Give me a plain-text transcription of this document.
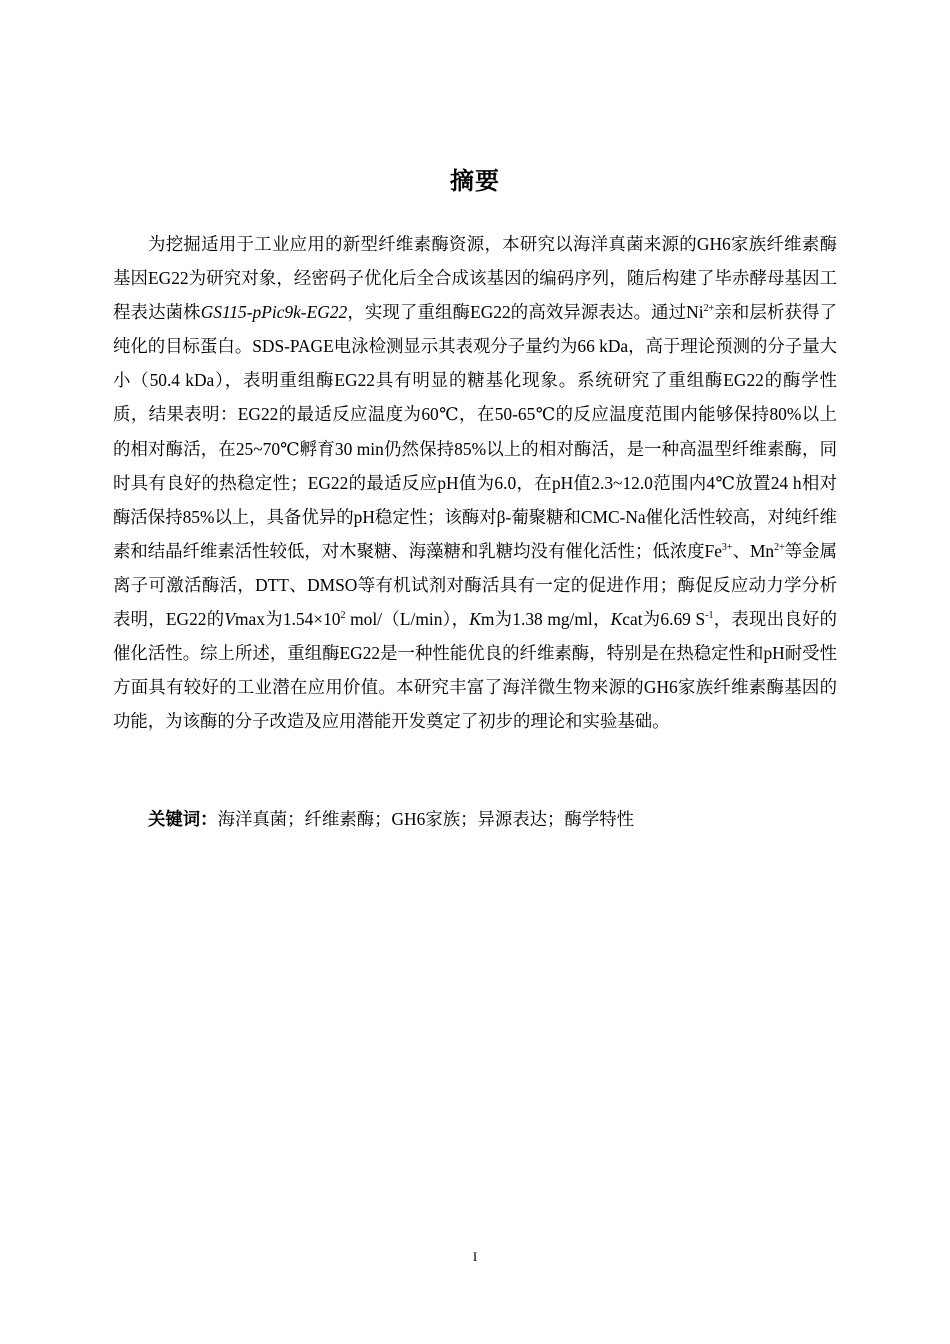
摘要

为挖掘适用于工业应用的新型纤维素酶资源，本研究以海洋真菌来源的GH6家族纤维素酶基因EG22为研究对象，经密码子优化后全合成该基因的编码序列，随后构建了毕赤酵母基因工程表达菌株GS115-pPic9k-EG22，实现了重组酶EG22的高效异源表达。通过$Ni^{2+}$亲和层析获得了纯化的目标蛋白。SDS-PAGE电泳检测显示其表观分子量约为66 kDa，高于理论预测的分子量大小（50.4 kDa），表明重组酶EG22具有明显的糖基化现象。系统研究了重组酶EG22的酶学性质，结果表明：EG22的最适反应温度为60℃，在50-65℃的反应温度范围内能够保持80%以上的相对酶活，在25~70℃孵育30 min仍然保持85%以上的相对酶活，是一种高温型纤维素酶，同时具有良好的热稳定性；EG22的最适反应pH值为6.0，在pH值2.3~12.0范围内4℃放置24 h相对酶活保持85%以上，具备优异的pH稳定性；该酶对β-葡聚糖和CMC-Na催化活性较高，对纯纤维素和结晶纤维素活性较低，对木聚糖、海藻糖和乳糖均没有催化活性；低浓度$Fe^{3+}$、$Mn^{2+}$等金属离子可激活酶活，DTT、DMSO等有机试剂对酶活具有一定的促进作用；酶促反应动力学分析表明，EG22的Vmax为$1.54\times 10^2$ mol/（L/min），Km为1.38 mg/ml，Kcat为6.69 $S^{-1}$，表现出良好的催化活性。综上所述，重组酶EG22是一种性能优良的纤维素酶，特别是在热稳定性和pH耐受性方面具有较好的工业潜在应用价值。本研究丰富了海洋微生物来源的GH6家族纤维素酶基因的功能，为该酶的分子改造及应用潜能开发奠定了初步的理论和实验基础。

关键词：海洋真菌；纤维素酶；GH6家族；异源表达；酶学特性
I
